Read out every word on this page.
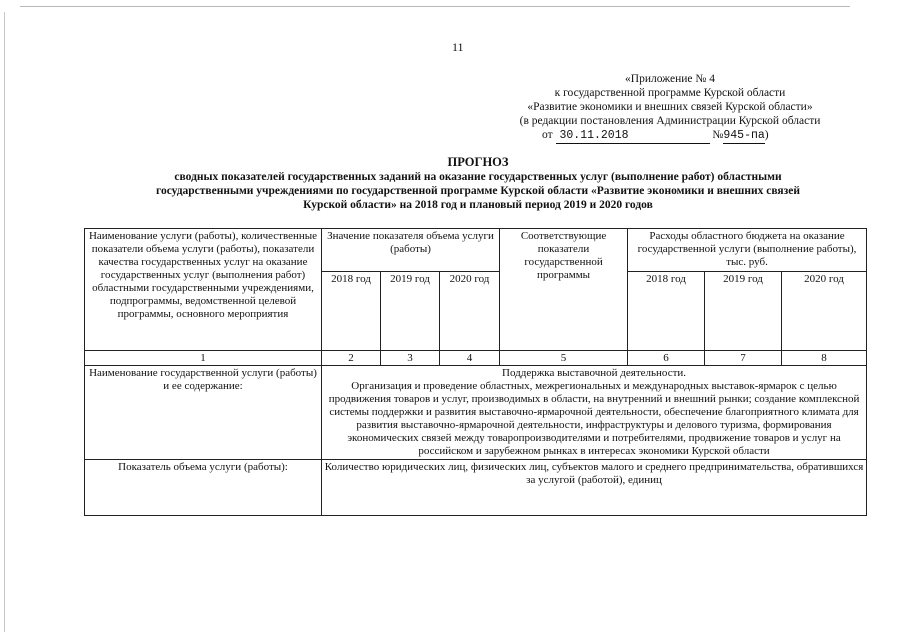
11
«Приложение № 4
к государственной программе Курской области
«Развитие экономики и внешних связей Курской области»
(в редакции постановления Администрации Курской области
от 30.11.2018	№945-па)
ПРОГНОЗ
сводных показателей государственных заданий на оказание государственных услуг (выполнение работ) областными
государственными учреждениями по государственной программе Курской области «Развитие экономики и внешних связей
Курской области» на 2018 год и плановый период 2019 и 2020 годов
Наименование услуги (работы), количественные показатели объема услуги (работы), показатели качества государственных услуг на оказание государственных услуг (выполнения работ) областными государственными учреждениями, подпрограммы, ведомственной целевой программы, основного мероприятия	Значение показателя объема услуги (работы)			Соответствующие показатели государственной программы	Расходы областного бюджета на оказание государственной услуги (выполнение работы), тыс. руб.		
	2018 год	2019 год	2020 год		2018 год	2019 год	2020 год
1	2	3	4	5	6	7	8
Наименование государственной услуги (работы) и ее содержание:	Поддержка выставочной деятельности.
Организация и проведение областных, межрегиональных и международных выставок-ярмарок с целью продвижения товаров и услуг, производимых в области, на внутренний и внешний рынки; создание комплексной системы поддержки и развития выставочно-ярмарочной деятельности, обеспечение благоприятного климата для развития выставочно-ярмарочной деятельности, инфраструктуры и делового туризма, формирования экономических связей между товаропроизводителями и потребителями, продвижение товаров и услуг на российском и зарубежном рынках в интересах экономики Курской области						

Показатель объема услуги (работы):	Количество юридических лиц, физических лиц, субъектов малого и среднего предпринимательства, обратившихся за услугой (работой), единиц						
